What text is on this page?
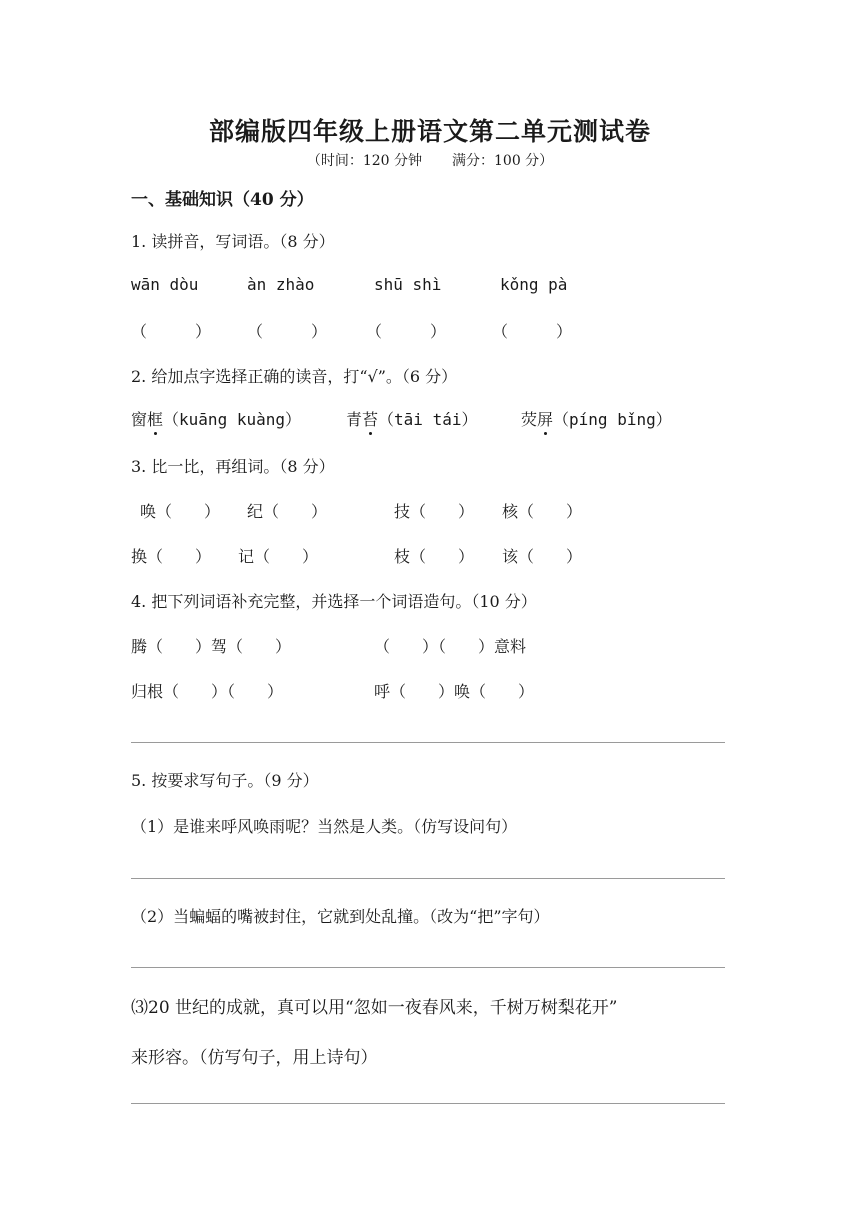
部编版四年级上册语文第二单元测试卷
（时间：120 分钟 满分：100 分）
一、基础知识（40 分）
1. 读拼音，写词语。（8 分）
wān dòu	àn zhào	shū shì	kǒng pà
（　　　） （　　　） （　　　）	（　　　）
2. 给加点字选择正确的读音，打“√”。（6 分）
窗框（kuāng kuàng）	青苔（tāi tái）	荧屏（píng bǐng）
3. 比一比，再组词。（8 分）
唤（　　） 纪（　　）	技（　　） 核（　　）
换（　　） 记（　　）	枝（　　） 该（　　）
4. 把下列词语补充完整，并选择一个词语造句。（10 分）
腾（　　）驾（　　）	（　　）（　　）意料
归根（　　）（　　）	呼（　　）唤（　　）
5. 按要求写句子。（9 分）
（1）是谁来呼风唤雨呢？当然是人类。（仿写设问句）
（2）当蝙蝠的嘴被封住，它就到处乱撞。（改为“把”字句）
⑶20 世纪的成就，真可以用“忽如一夜春风来，千树万树梨花开”
来形容。（仿写句子，用上诗句）
